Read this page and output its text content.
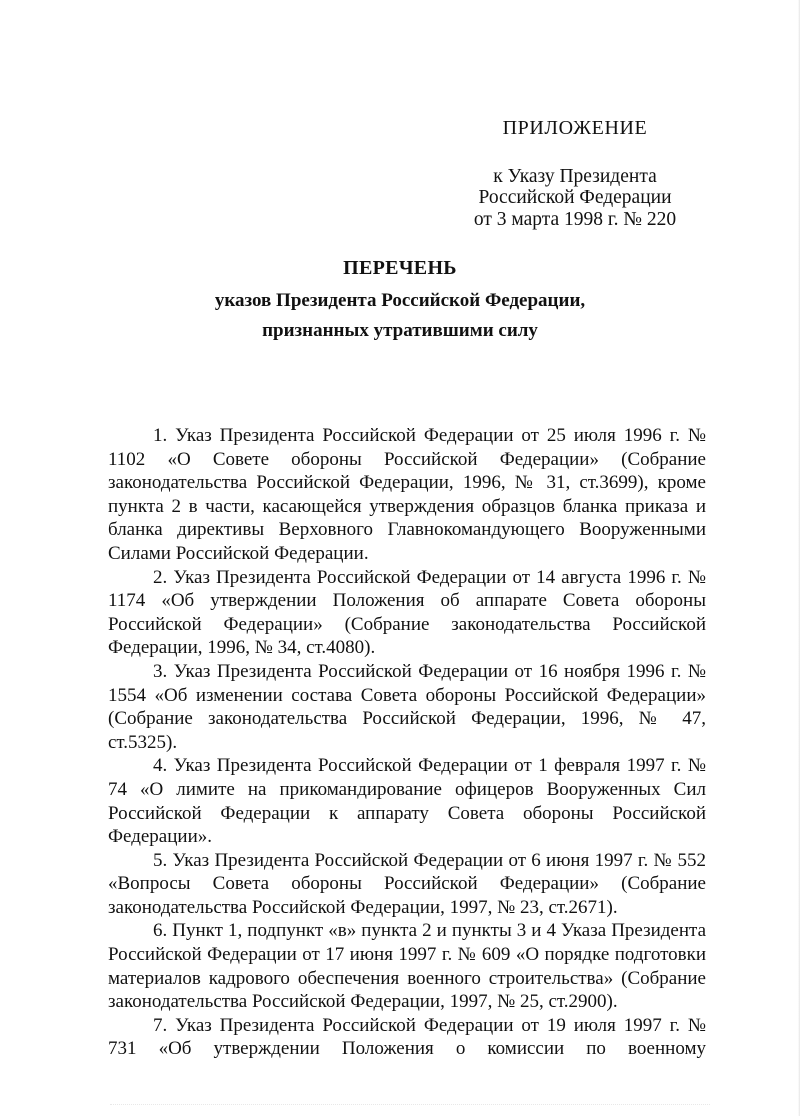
ПРИЛОЖЕНИЕ
к Указу Президента
Российской Федерации
от 3 марта 1998 г. № 220
ПЕРЕЧЕНЬ
указов Президента Российской Федерации,
признанных утратившими силу

1. Указ Президента Российской Федерации от 25 июля 1996 г. № 1102 «О Совете обороны Российской Федерации» (Собрание законодательства Российской Федерации, 1996, № 31, ст.3699), кроме пункта 2 в части, касающейся утверждения образцов бланка приказа и бланка директивы Верховного Главнокомандующего Вооруженными Силами Российской Федерации.

2. Указ Президента Российской Федерации от 14 августа 1996 г. № 1174 «Об утверждении Положения об аппарате Совета обороны Российской Федерации» (Собрание законодательства Российской Федерации, 1996, № 34, ст.4080).

3. Указ Президента Российской Федерации от 16 ноября 1996 г. № 1554 «Об изменении состава Совета обороны Российской Федерации» (Собрание законодательства Российской Федерации, 1996, № 47, ст.5325).

4. Указ Президента Российской Федерации от 1 февраля 1997 г. № 74 «О лимите на прикомандирование офицеров Вооруженных Сил Российской Федерации к аппарату Совета обороны Российской Федерации».

5. Указ Президента Российской Федерации от 6 июня 1997 г. № 552 «Вопросы Совета обороны Российской Федерации» (Собрание законодательства Российской Федерации, 1997, № 23, ст.2671).

6. Пункт 1, подпункт «в» пункта 2 и пункты 3 и 4 Указа Президента Российской Федерации от 17 июня 1997 г. № 609 «О порядке подготовки материалов кадрового обеспечения военного строительства» (Собрание законодательства Российской Федерации, 1997, № 25, ст.2900).

7. Указ Президента Российской Федерации от 19 июля 1997 г. № 731 «Об утверждении Положения о комиссии по военному
